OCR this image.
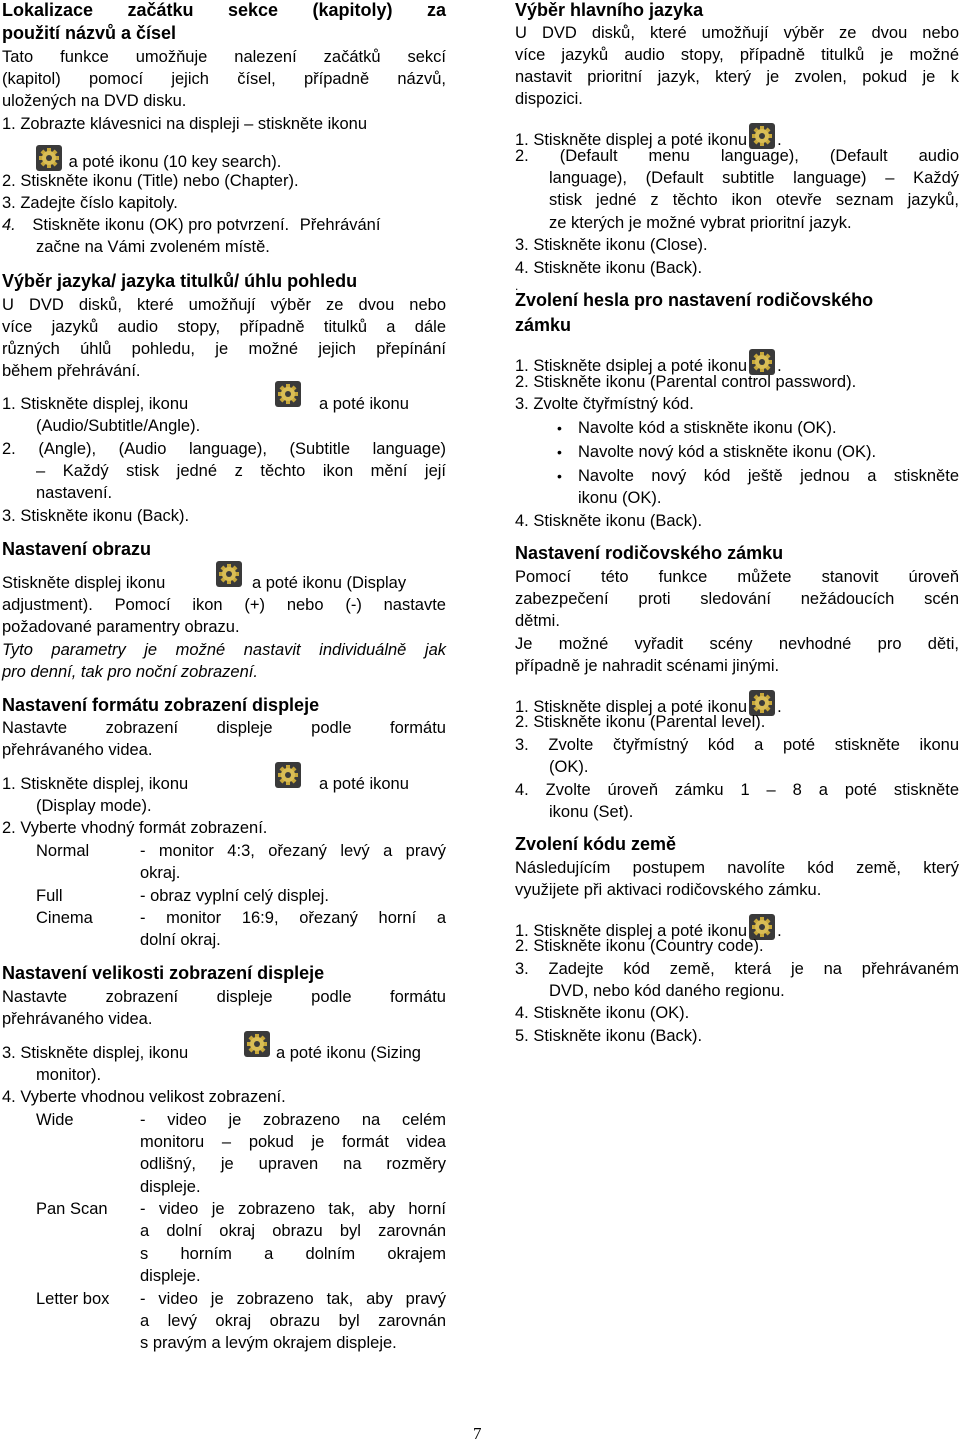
Lokalizace začátku sekce (kapitoly) za
použití názvů a čísel
Tato funkce umožňuje nalezení začátků sekcí
(kapitol) pomocí jejich čísel, případně názvů,
uložených na DVD disku.
1. Zobrazte klávesnici na displeji – stiskněte ikonu
a poté ikonu (10 key search).
2. Stiskněte ikonu (Title) nebo (Chapter).
3. Zadejte číslo kapitoly.
4. Stiskněte ikonu (OK) pro potvrzení. Přehrávání
začne na Vámi zvoleném místě.
Výběr jazyka/ jazyka titulků/ úhlu pohledu
U DVD disků, které umožňují výběr ze dvou nebo
více jazyků audio stopy, případně titulků a dále
různých úhlů pohledu, je možné jejich přepínání
během přehrávání.
1. Stiskněte displej, ikonu	a poté ikonu
(Audio/Subtitle/Angle).
2. (Angle), (Audio language), (Subtitle language)
– Každý stisk jedné z těchto ikon mění její
nastavení.
3. Stiskněte ikonu (Back).
Nastavení obrazu
Stiskněte displej ikonu	a poté ikonu (Display
adjustment). Pomocí ikon (+) nebo (-) nastavte
požadované paramentry obrazu.
Tyto parametry je možné nastavit individuálně jak
pro denní, tak pro noční zobrazení.
Nastavení formátu zobrazení displeje
Nastavte zobrazení displeje podle formátu
přehrávaného videa.
1. Stiskněte displej, ikonu	a poté ikonu
(Display mode).
2. Vyberte vhodný formát zobrazení.
Normal	- monitor 4:3, ořezaný levý a pravý
okraj.
Full	- obraz vyplní celý displej.
Cinema	- monitor 16:9, ořezaný horní a
dolní okraj.
Nastavení velikosti zobrazení displeje
Nastavte zobrazení displeje podle formátu
přehrávaného videa.
3. Stiskněte displej, ikonu	a poté ikonu (Sizing
monitor).
4. Vyberte vhodnou velikost zobrazení.
Wide	- video je zobrazeno na celém
monitoru – pokud je formát videa
odlišný, je upraven na rozměry
displeje.
Pan Scan - video je zobrazeno tak, aby horní
a dolní okraj obrazu byl zarovnán
s horním a dolním okrajem
displeje.
Letter box - video je zobrazeno tak, aby pravý
a levý okraj obrazu byl zarovnán
s pravým a levým okrajem displeje.
Výběr hlavního jazyka
U DVD disků, které umožňují výběr ze dvou nebo
více jazyků audio stopy, případně titulků je možné
nastavit prioritní jazyk, který je zvolen, pokud je k
dispozici.
1. Stiskněte displej a poté ikonu .
2. (Default menu language), (Default audio
language), (Default subtitle language) – Každý
stisk jedné z těchto ikon otevře seznam jazyků,
ze kterých je možné vybrat prioritní jazyk.
3. Stiskněte ikonu (Close).
4. Stiskněte ikonu (Back).
.
Zvolení hesla pro nastavení rodičovského
zámku
1. Stiskněte dsiplej a poté ikonu .
2. Stiskněte ikonu (Parental control password).
3. Zvolte čtyřmístný kód.
• Navolte kód a stiskněte ikonu (OK).
• Navolte nový kód a stiskněte ikonu (OK).
• Navolte nový kód ještě jednou a stiskněte
ikonu (OK).
4. Stiskněte ikonu (Back).
Nastavení rodičovského zámku
Pomocí této funkce můžete stanovit úroveň
zabezpečení proti sledování nežádoucích scén
dětmi.
Je možné vyřadit scény nevhodné pro děti,
případně je nahradit scénami jinými.
1. Stiskněte displej a poté ikonu .
2. Stiskněte ikonu (Parental level).
3. Zvolte čtyřmístný kód a poté stiskněte ikonu
(OK).
4. Zvolte úroveň zámku 1 – 8 a poté stiskněte
ikonu (Set).
Zvolení kódu země
Následujícím postupem navolíte kód země, který
využijete při aktivaci rodičovského zámku.
1. Stiskněte displej a poté ikonu .
2. Stiskněte ikonu (Country code).
3. Zadejte kód země, která je na přehrávaném
DVD, nebo kód daného regionu.
4. Stiskněte ikonu (OK).
5. Stiskněte ikonu (Back).
7
